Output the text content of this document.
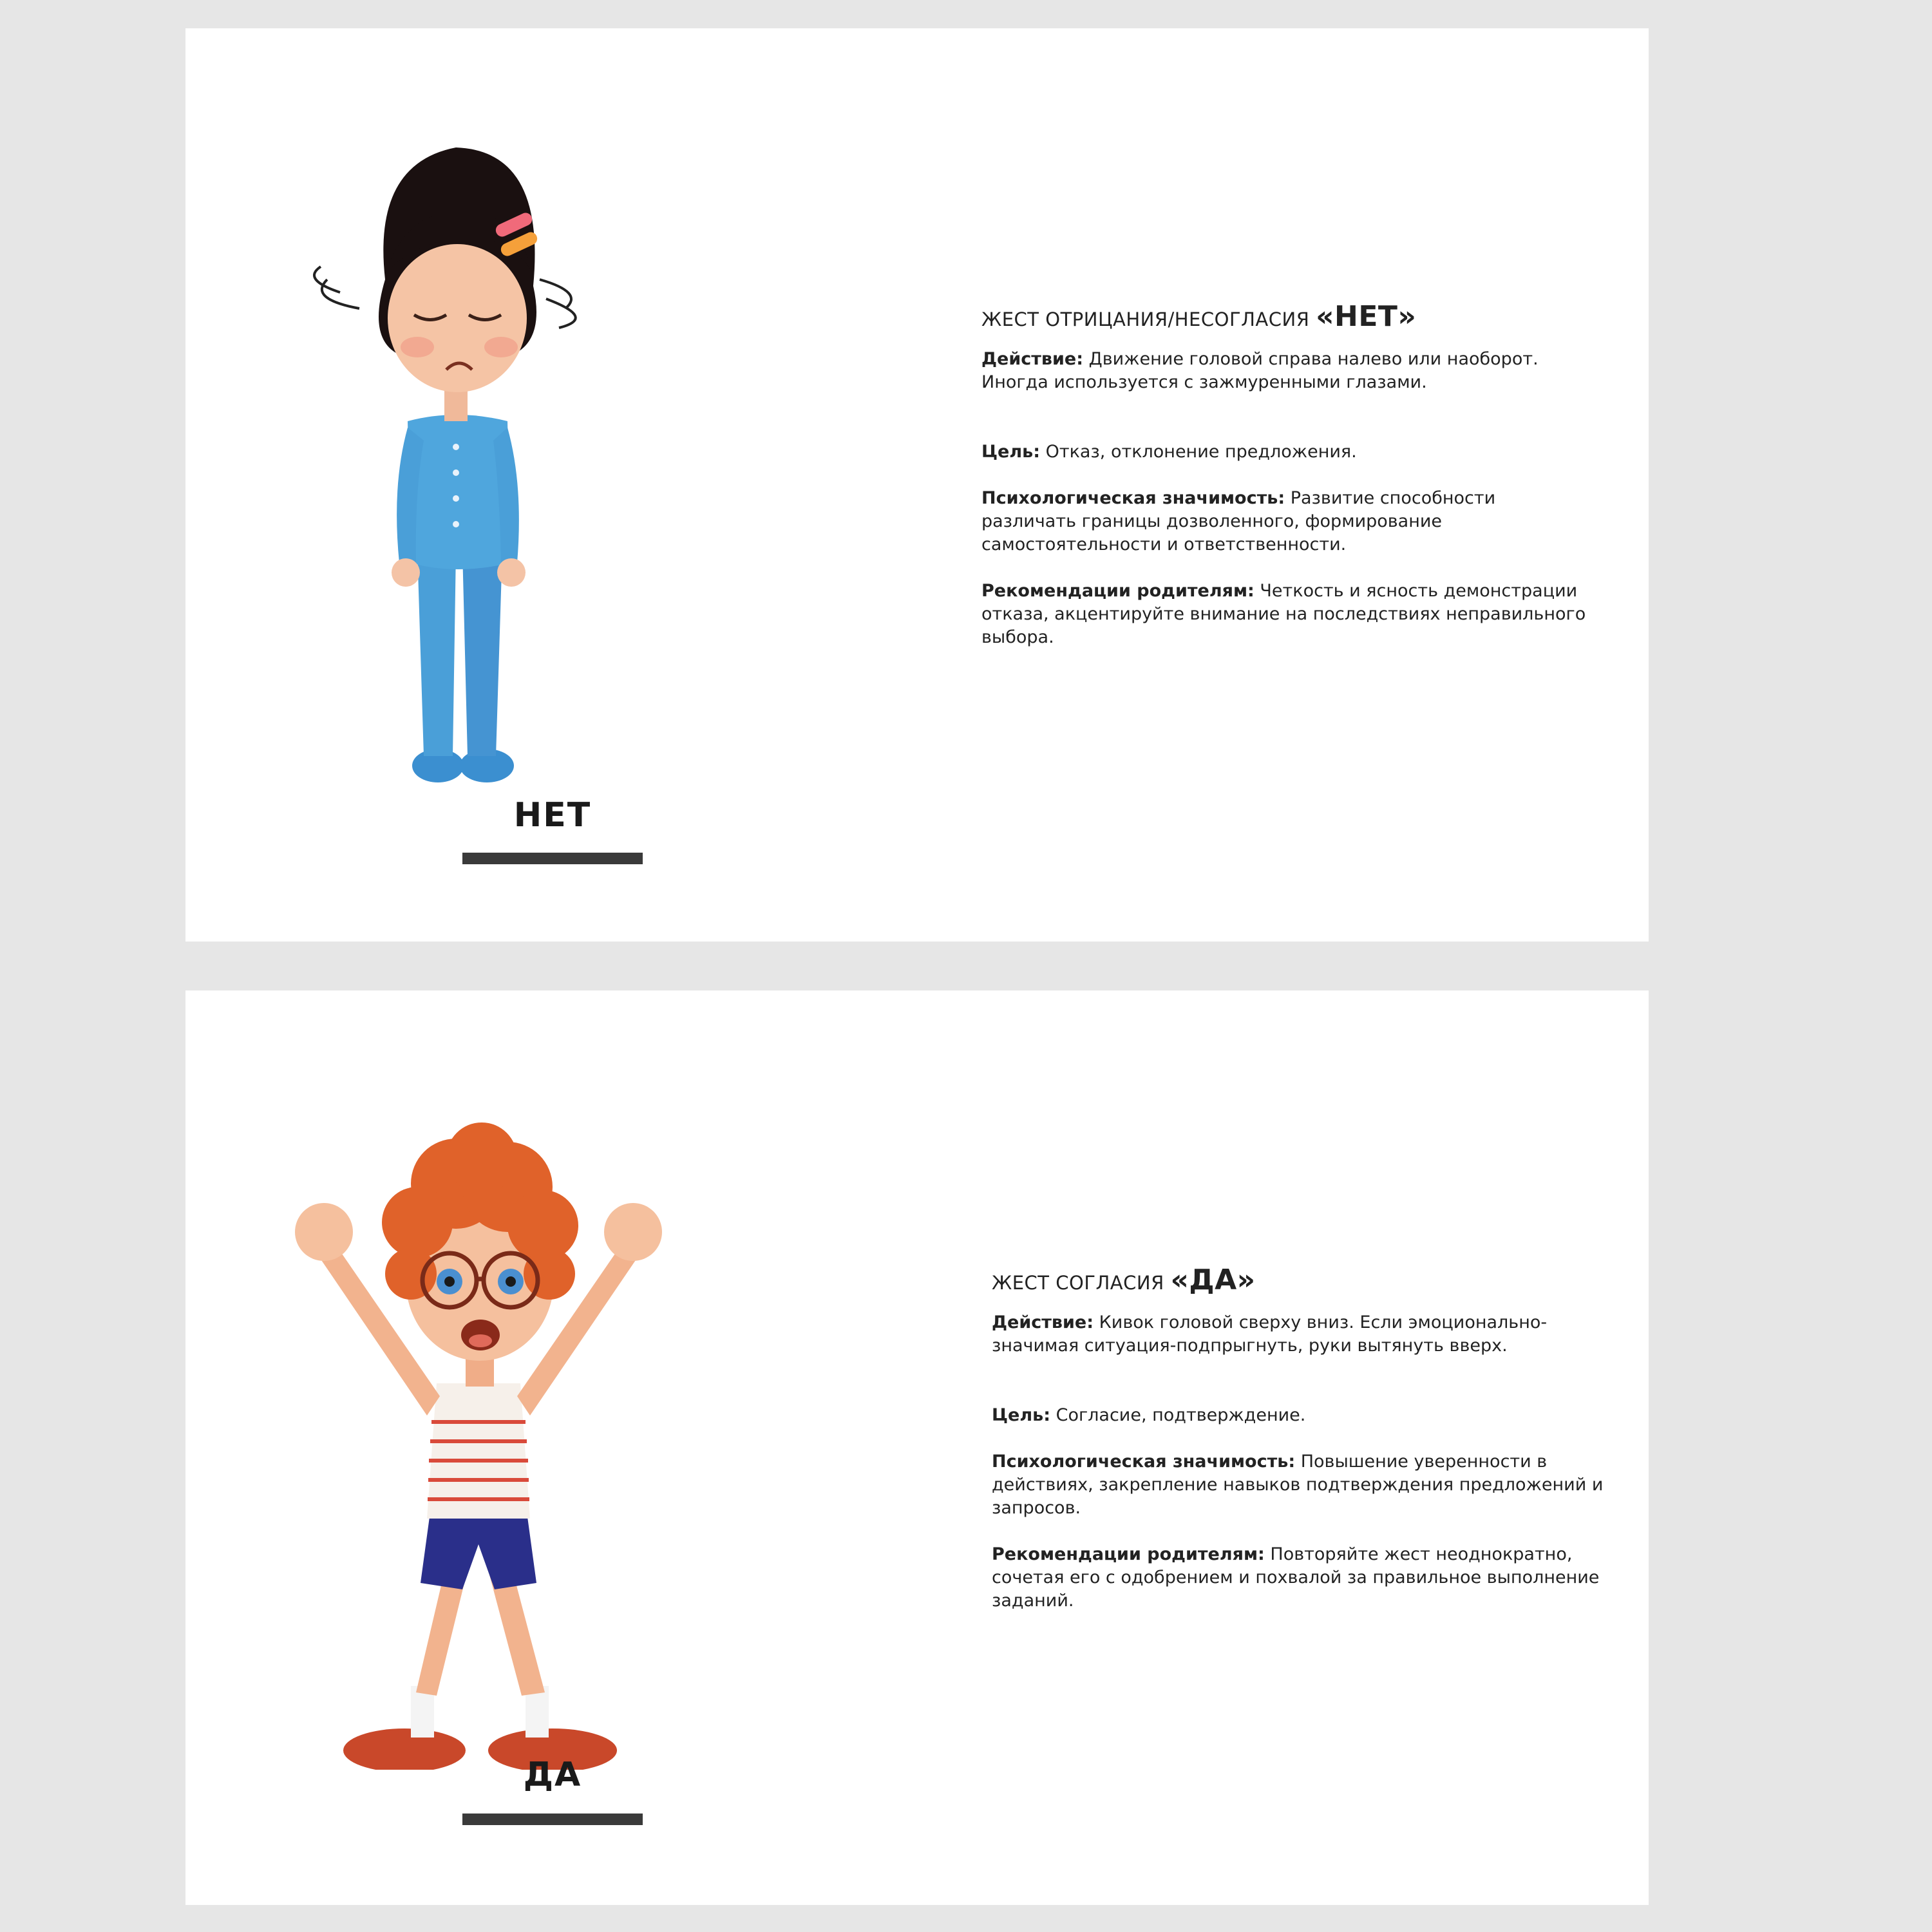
НЕТ
ЖЕСТ ОТРИЦАНИЯ/НЕСОГЛАСИЯ «НЕТ»

Действие: Движение головой справа налево или наоборот. Иногда используется с зажмуренными глазами.

Цель: Отказ, отклонение предложения.

Психологическая значимость: Развитие способности различать границы дозволенного, формирование самостоятельности и ответственности.

Рекомендации родителям: Четкость и ясность демонстрации отказа, акцентируйте внимание на последствиях неправильного выбора.

ДА
ЖЕСТ СОГЛАСИЯ «ДА»

Действие: Кивок головой сверху вниз. Если эмоционально-значимая ситуация-подпрыгнуть, руки вытянуть вверх.

Цель: Согласие, подтверждение.

Психологическая значимость: Повышение уверенности в действиях, закрепление навыков подтверждения предложений и запросов.

Рекомендации родителям: Повторяйте жест неоднократно, сочетая его с одобрением и похвалой за правильное выполнение заданий.
